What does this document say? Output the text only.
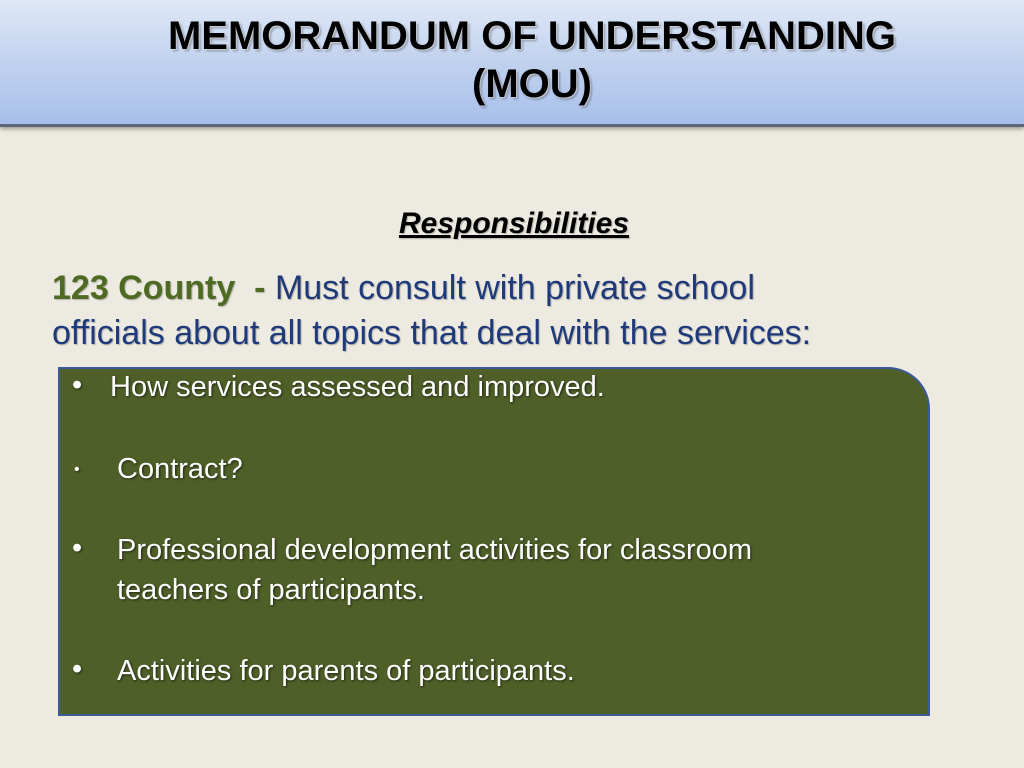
MEMORANDUM OF UNDERSTANDING
(MOU)
Responsibilities
123 County - Must consult with private school
officials about all topics that deal with the services:
• How services assessed and improved.
• Contract?
• Professional development activities for classroom
teachers of participants.
• Activities for parents of participants.
